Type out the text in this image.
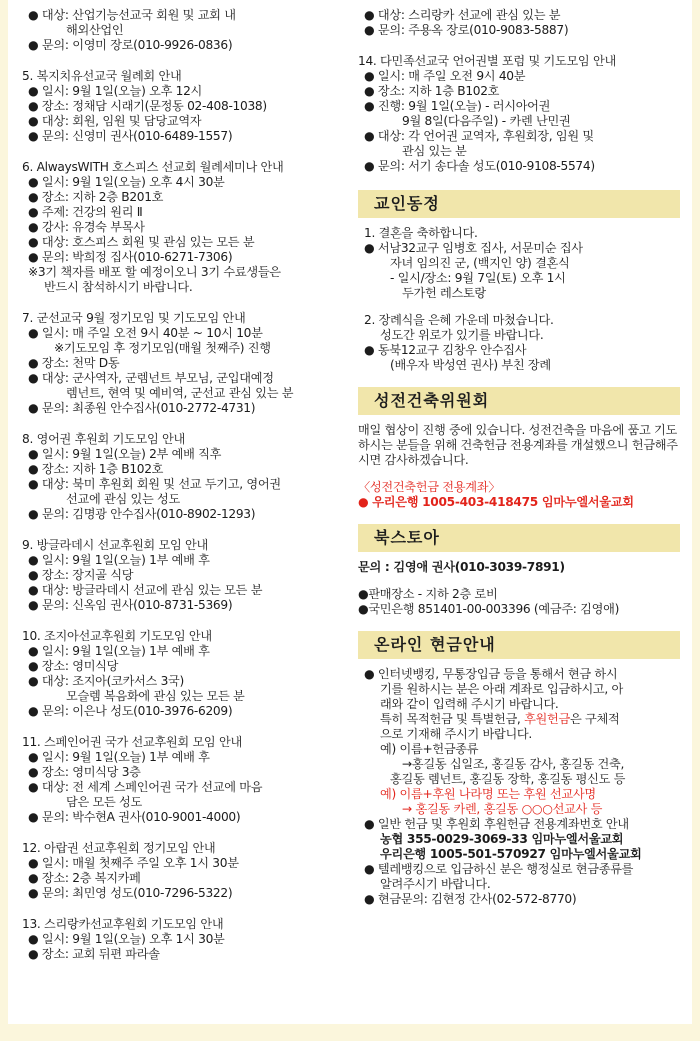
● 대상: 산업기능선교국 회원 및 교회 내
해외산업인
● 문의: 이영미 장로(010-9926-0836)
5. 복지치유선교국 월례회 안내
● 일시: 9월 1일(오늘) 오후 12시
● 장소: 정채담 시래기(문정동 02-408-1038)
● 대상: 회원, 임원 및 담당교역자
● 문의: 신영미 권사(010-6489-1557)
6. AlwaysWITH 호스피스 선교회 월례세미나 안내
● 일시: 9월 1일(오늘) 오후 4시 30분
● 장소: 지하 2층 B201호
● 주제: 건강의 원리 Ⅱ
● 강사: 유경숙 부목사
● 대상: 호스피스 회원 및 관심 있는 모든 분
● 문의: 박희정 집사(010-6271-7306)
※3기 책자를 배포 할 예정이오니 3기 수료생들은
반드시 참석하시기 바랍니다.
7. 군선교국 9월 정기모임 및 기도모임 안내
● 일시: 매 주일 오전 9시 40분 ~ 10시 10분
※기도모임 후 정기모임(매월 첫째주) 진행
● 장소: 천막 D동
● 대상: 군사역자, 군렘넌트 부모님, 군입대예정
렘넌트, 현역 및 예비역, 군선교 관심 있는 분
● 문의: 최종원 안수집사(010-2772-4731)
8. 영어권 후원회 기도모임 안내
● 일시: 9월 1일(오늘) 2부 예배 직후
● 장소: 지하 1층 B102호
● 대상: 북미 후원회 회원 및 선교 두기고, 영어권
선교에 관심 있는 성도
● 문의: 김명광 안수집사(010-8902-1293)
9. 방글라데시 선교후원회 모임 안내
● 일시: 9월 1일(오늘) 1부 예배 후
● 장소: 장지골 식당
● 대상: 방글라데시 선교에 관심 있는 모든 분
● 문의: 신옥임 권사(010-8731-5369)
10. 조지아선교후원회 기도모임 안내
● 일시: 9월 1일(오늘) 1부 예배 후
● 장소: 영미식당
● 대상: 조지아(코카서스 3국)
모슬렘 복음화에 관심 있는 모든 분
● 문의: 이은나 성도(010-3976-6209)
11. 스페인어권 국가 선교후원회 모임 안내
● 일시: 9월 1일(오늘) 1부 예배 후
● 장소: 영미식당 3층
● 대상: 전 세계 스페인어권 국가 선교에 마음
담은 모든 성도
● 문의: 박수현A 권사(010-9001-4000)
12. 아랍권 선교후원회 정기모임 안내
● 일시: 매월 첫째주 주일 오후 1시 30분
● 장소: 2층 복지카페
● 문의: 최민영 성도(010-7296-5322)
13. 스리랑카선교후원회 기도모임 안내
● 일시: 9월 1일(오늘) 오후 1시 30분
● 장소: 교회 뒤편 파라솔
● 대상: 스리랑카 선교에 관심 있는 분
● 문의: 주용옥 장로(010-9083-5887)
14. 다민족선교국 언어권별 포럼 및 기도모임 안내
● 일시: 매 주일 오전 9시 40분
● 장소: 지하 1층 B102호
● 진행: 9월 1일(오늘) - 러시아어권
9월 8일(다음주일) - 카렌 난민권
● 대상: 각 언어권 교역자, 후원회장, 임원 및
관심 있는 분
● 문의: 서기 송다솔 성도(010-9108-5574)
교인동정
1. 결혼을 축하합니다.
● 서남32교구 임병호 집사, 서문미순 집사
자녀 임의진 군, (백지인 양) 결혼식
- 일시/장소: 9월 7일(토) 오후 1시
두가헌 레스토랑
2. 장례식을 은혜 가운데 마쳤습니다.
성도간 위로가 있기를 바랍니다.
● 동북12교구 김창우 안수집사
(배우자 박성연 권사) 부친 장례
성전건축위원회
매일 협상이 진행 중에 있습니다. 성전건축을 마음에 품고 기도하시는 분들을 위해 건축헌금 전용계좌를 개설했으니 헌금해주시면 감사하겠습니다.
〈성전건축헌금 전용계좌〉
● 우리은행 1005-403-418475 임마누엘서울교회
북스토아
문의 : 김영애 권사(010-3039-7891)
●판매장소 - 지하 2층 로비
●국민은행 851401-00-003396 (예금주: 김영애)
온라인 현금안내
● 인터넷뱅킹, 무통장입금 등을 통해서 현금 하시
기를 원하시는 분은 아래 계좌로 입금하시고, 아
래와 같이 입력해 주시기 바랍니다.
특히 목적헌금 및 특별헌금, 후원헌금은 구체적
으로 기재해 주시기 바랍니다.
예) 이름+헌금종류
→홍길동 십일조, 홍길동 감사, 홍길동 건축,
홍길동 렘넌트, 홍길동 장학, 홍길동 평신도 등
예) 이름+후원 나라명 또는 후원 선교사명
→ 홍길동 카렌, 홍길동 ○○○선교사 등
● 일반 헌금 및 후원회 후원헌금 전용계좌번호 안내
농협 355-0029-3069-33 임마누엘서울교회
우리은행 1005-501-570927 임마누엘서울교회
● 텔레뱅킹으로 입금하신 분은 행정실로 현금종류를
알려주시기 바랍니다.
● 현금문의: 김현정 간사(02-572-8770)
